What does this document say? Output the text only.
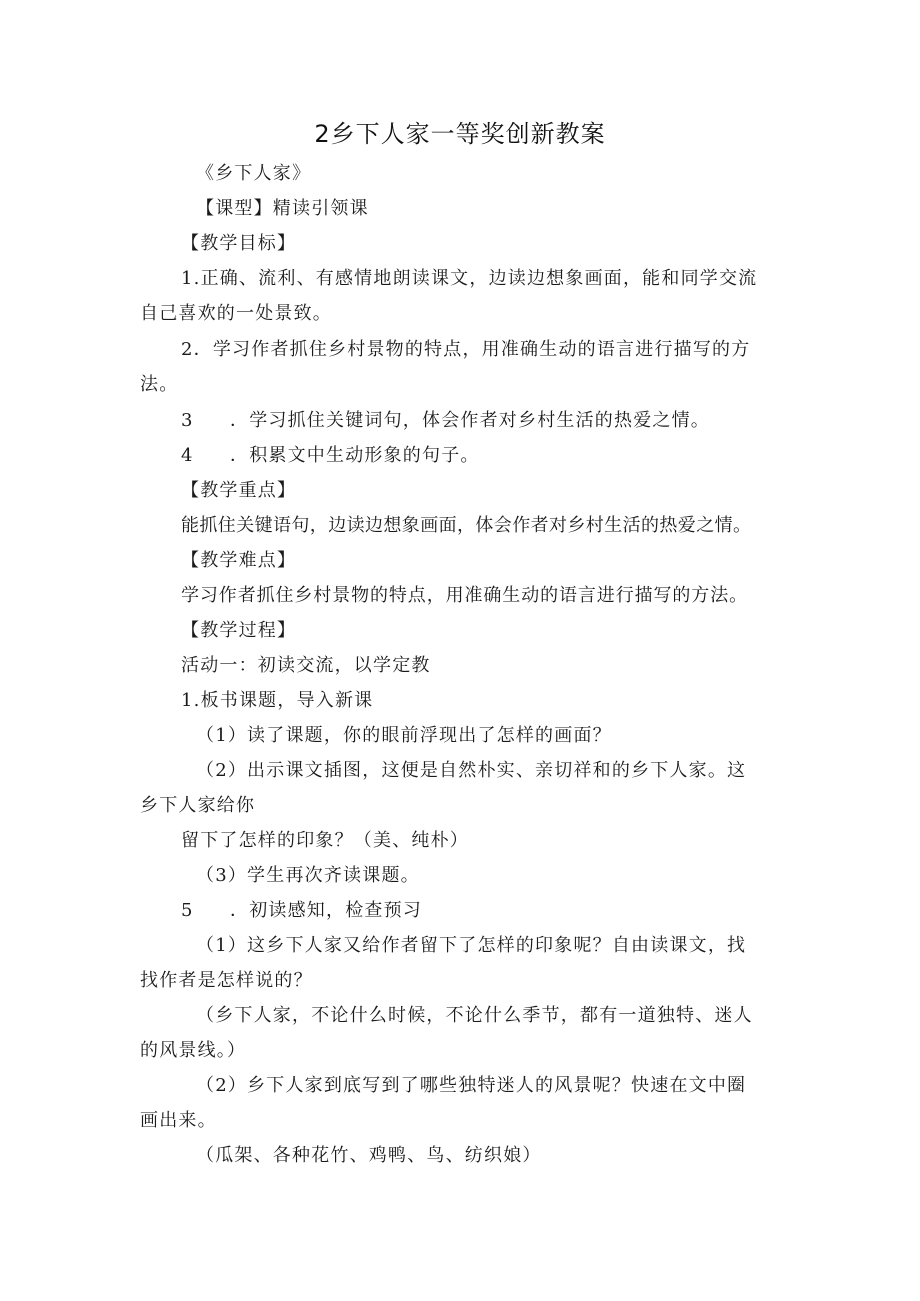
2乡下人家一等奖创新教案
《乡下人家》
【课型】精读引领课
【教学目标】
1.正确、流利、有感情地朗读课文，边读边想象画面，能和同学交流
自己喜欢的一处景致。
2．学习作者抓住乡村景物的特点，用准确生动的语言进行描写的方
法。
3 ．学习抓住关键词句，体会作者对乡村生活的热爱之情。
4 ．积累文中生动形象的句子。
【教学重点】
能抓住关键语句，边读边想象画面，体会作者对乡村生活的热爱之情。
【教学难点】
学习作者抓住乡村景物的特点，用准确生动的语言进行描写的方法。
【教学过程】
活动一：初读交流，以学定教
1.板书课题，导入新课
（1）读了课题，你的眼前浮现出了怎样的画面？
（2）出示课文插图，这便是自然朴实、亲切祥和的乡下人家。这
乡下人家给你
留下了怎样的印象？（美、纯朴）
（3）学生再次齐读课题。
5 ．初读感知，检查预习
（1）这乡下人家又给作者留下了怎样的印象呢？自由读课文，找
找作者是怎样说的？
（乡下人家，不论什么时候，不论什么季节，都有一道独特、迷人
的风景线。）
（2）乡下人家到底写到了哪些独特迷人的风景呢？快速在文中圈
画出来。
（瓜架、各种花竹、鸡鸭、鸟、纺织娘）
